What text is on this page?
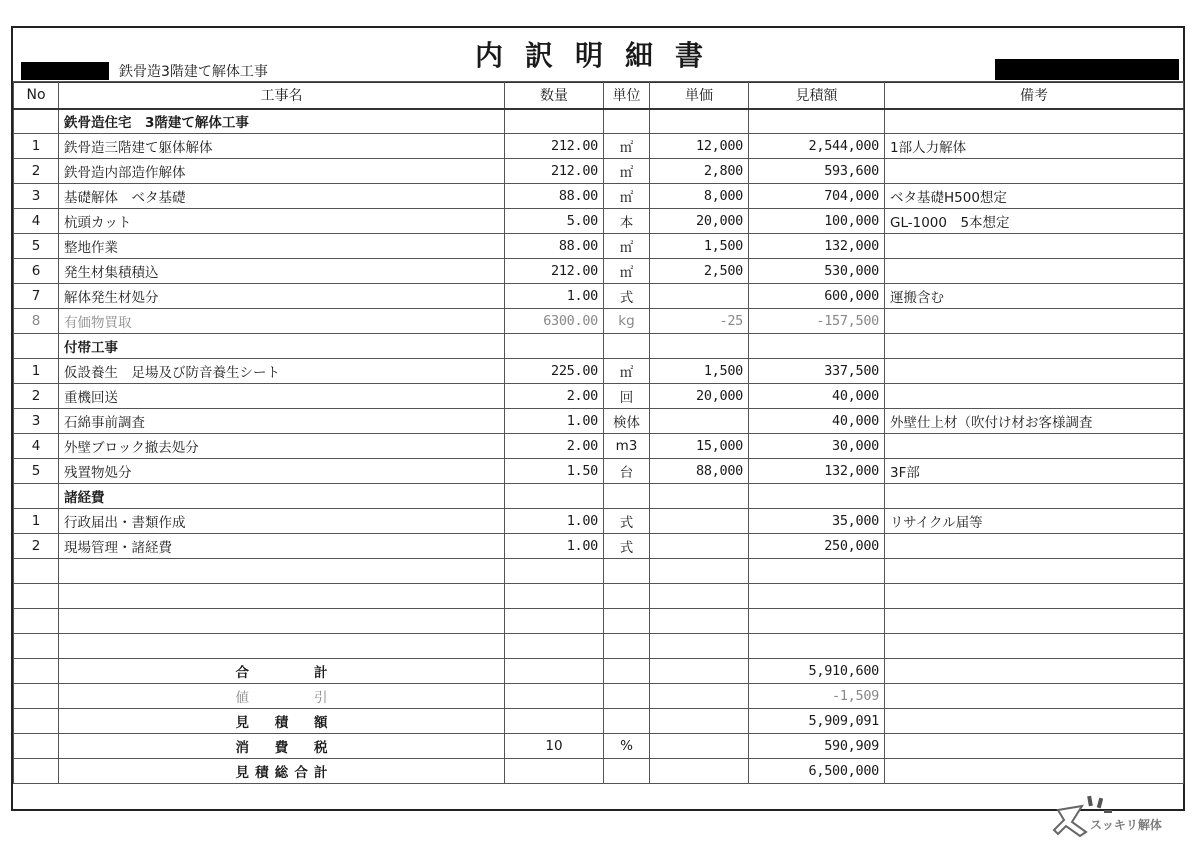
鉄骨造3階建て解体工事	内訳明細書
No	工事名	数量	単位	単価	見積額	備考
	鉄骨造住宅　3階建て解体工事					
1	鉄骨造三階建て躯体解体	212.00	㎡	12,000	2,544,000	1部人力解体
2	鉄骨造内部造作解体	212.00	㎡	2,800	593,600	
3	基礎解体　ベタ基礎	88.00	㎡	8,000	704,000	ベタ基礎H500想定
4	杭頭カット	5.00	本	20,000	100,000	GL-1000　5本想定
5	整地作業	88.00	㎡	1,500	132,000	
6	発生材集積積込	212.00	㎡	2,500	530,000	
7	解体発生材処分	1.00	式		600,000	運搬含む
8	有価物買取	6300.00	kg	-25	-157,500	
	付帯工事					
1	仮設養生　足場及び防音養生シート	225.00	㎡	1,500	337,500	
2	重機回送	2.00	回	20,000	40,000	
3	石綿事前調査	1.00	検体		40,000	外壁仕上材（吹付け材お客様調査
4	外壁ブロック撤去処分	2.00	m3	15,000	30,000	
5	残置物処分	1.50	台	88,000	132,000	3F部
	諸経費					
1	行政届出・書類作成	1.00	式		35,000	リサイクル届等
2	現場管理・諸経費	1.00	式		250,000	

	合計				5,910,600	
	値引				-1,509	
	見積額				5,909,091	
	消費税	10	%		590,909	
	見積総合計				6,500,000	
スッキリ解体
